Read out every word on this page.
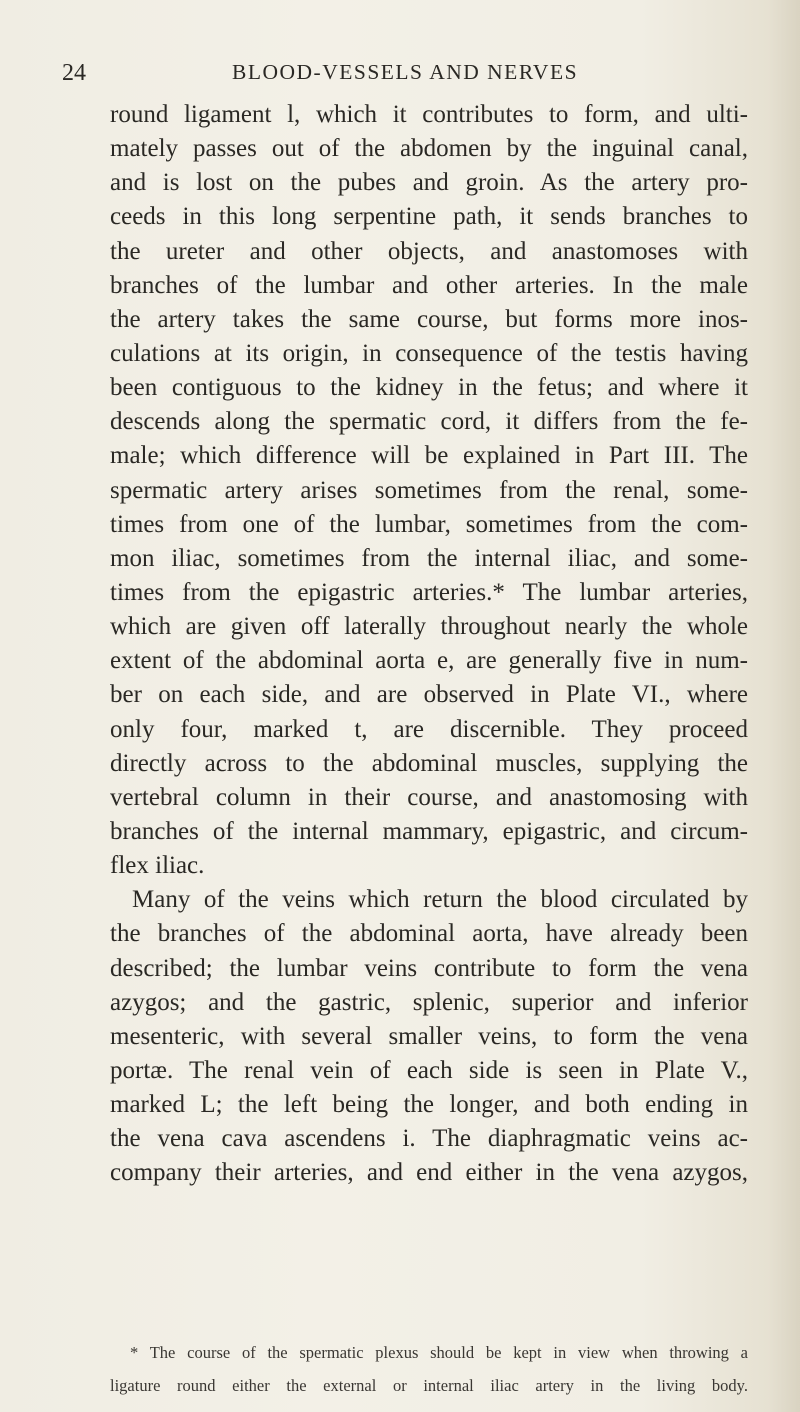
24	BLOOD-VESSELS AND NERVES
round ligament l, which it contributes to form, and ulti-
mately passes out of the abdomen by the inguinal canal,
and is lost on the pubes and groin. As the artery pro-
ceeds in this long serpentine path, it sends branches to
the ureter and other objects, and anastomoses with
branches of the lumbar and other arteries. In the male
the artery takes the same course, but forms more inos-
culations at its origin, in consequence of the testis having
been contiguous to the kidney in the fetus; and where it
descends along the spermatic cord, it differs from the fe-
male; which difference will be explained in Part III. The
spermatic artery arises sometimes from the renal, some-
times from one of the lumbar, sometimes from the com-
mon iliac, sometimes from the internal iliac, and some-
times from the epigastric arteries.* The lumbar arteries,
which are given off laterally throughout nearly the whole
extent of the abdominal aorta e, are generally five in num-
ber on each side, and are observed in Plate VI., where
only four, marked t, are discernible. They proceed
directly across to the abdominal muscles, supplying the
vertebral column in their course, and anastomosing with
branches of the internal mammary, epigastric, and circum-
flex iliac.
Many of the veins which return the blood circulated by
the branches of the abdominal aorta, have already been
described; the lumbar veins contribute to form the vena
azygos; and the gastric, splenic, superior and inferior
mesenteric, with several smaller veins, to form the vena
portæ. The renal vein of each side is seen in Plate V.,
marked L; the left being the longer, and both ending in
the vena cava ascendens i. The diaphragmatic veins ac-
company their arteries, and end either in the vena azygos,
* The course of the spermatic plexus should be kept in view when throwing a
ligature round either the external or internal iliac artery in the living body.
